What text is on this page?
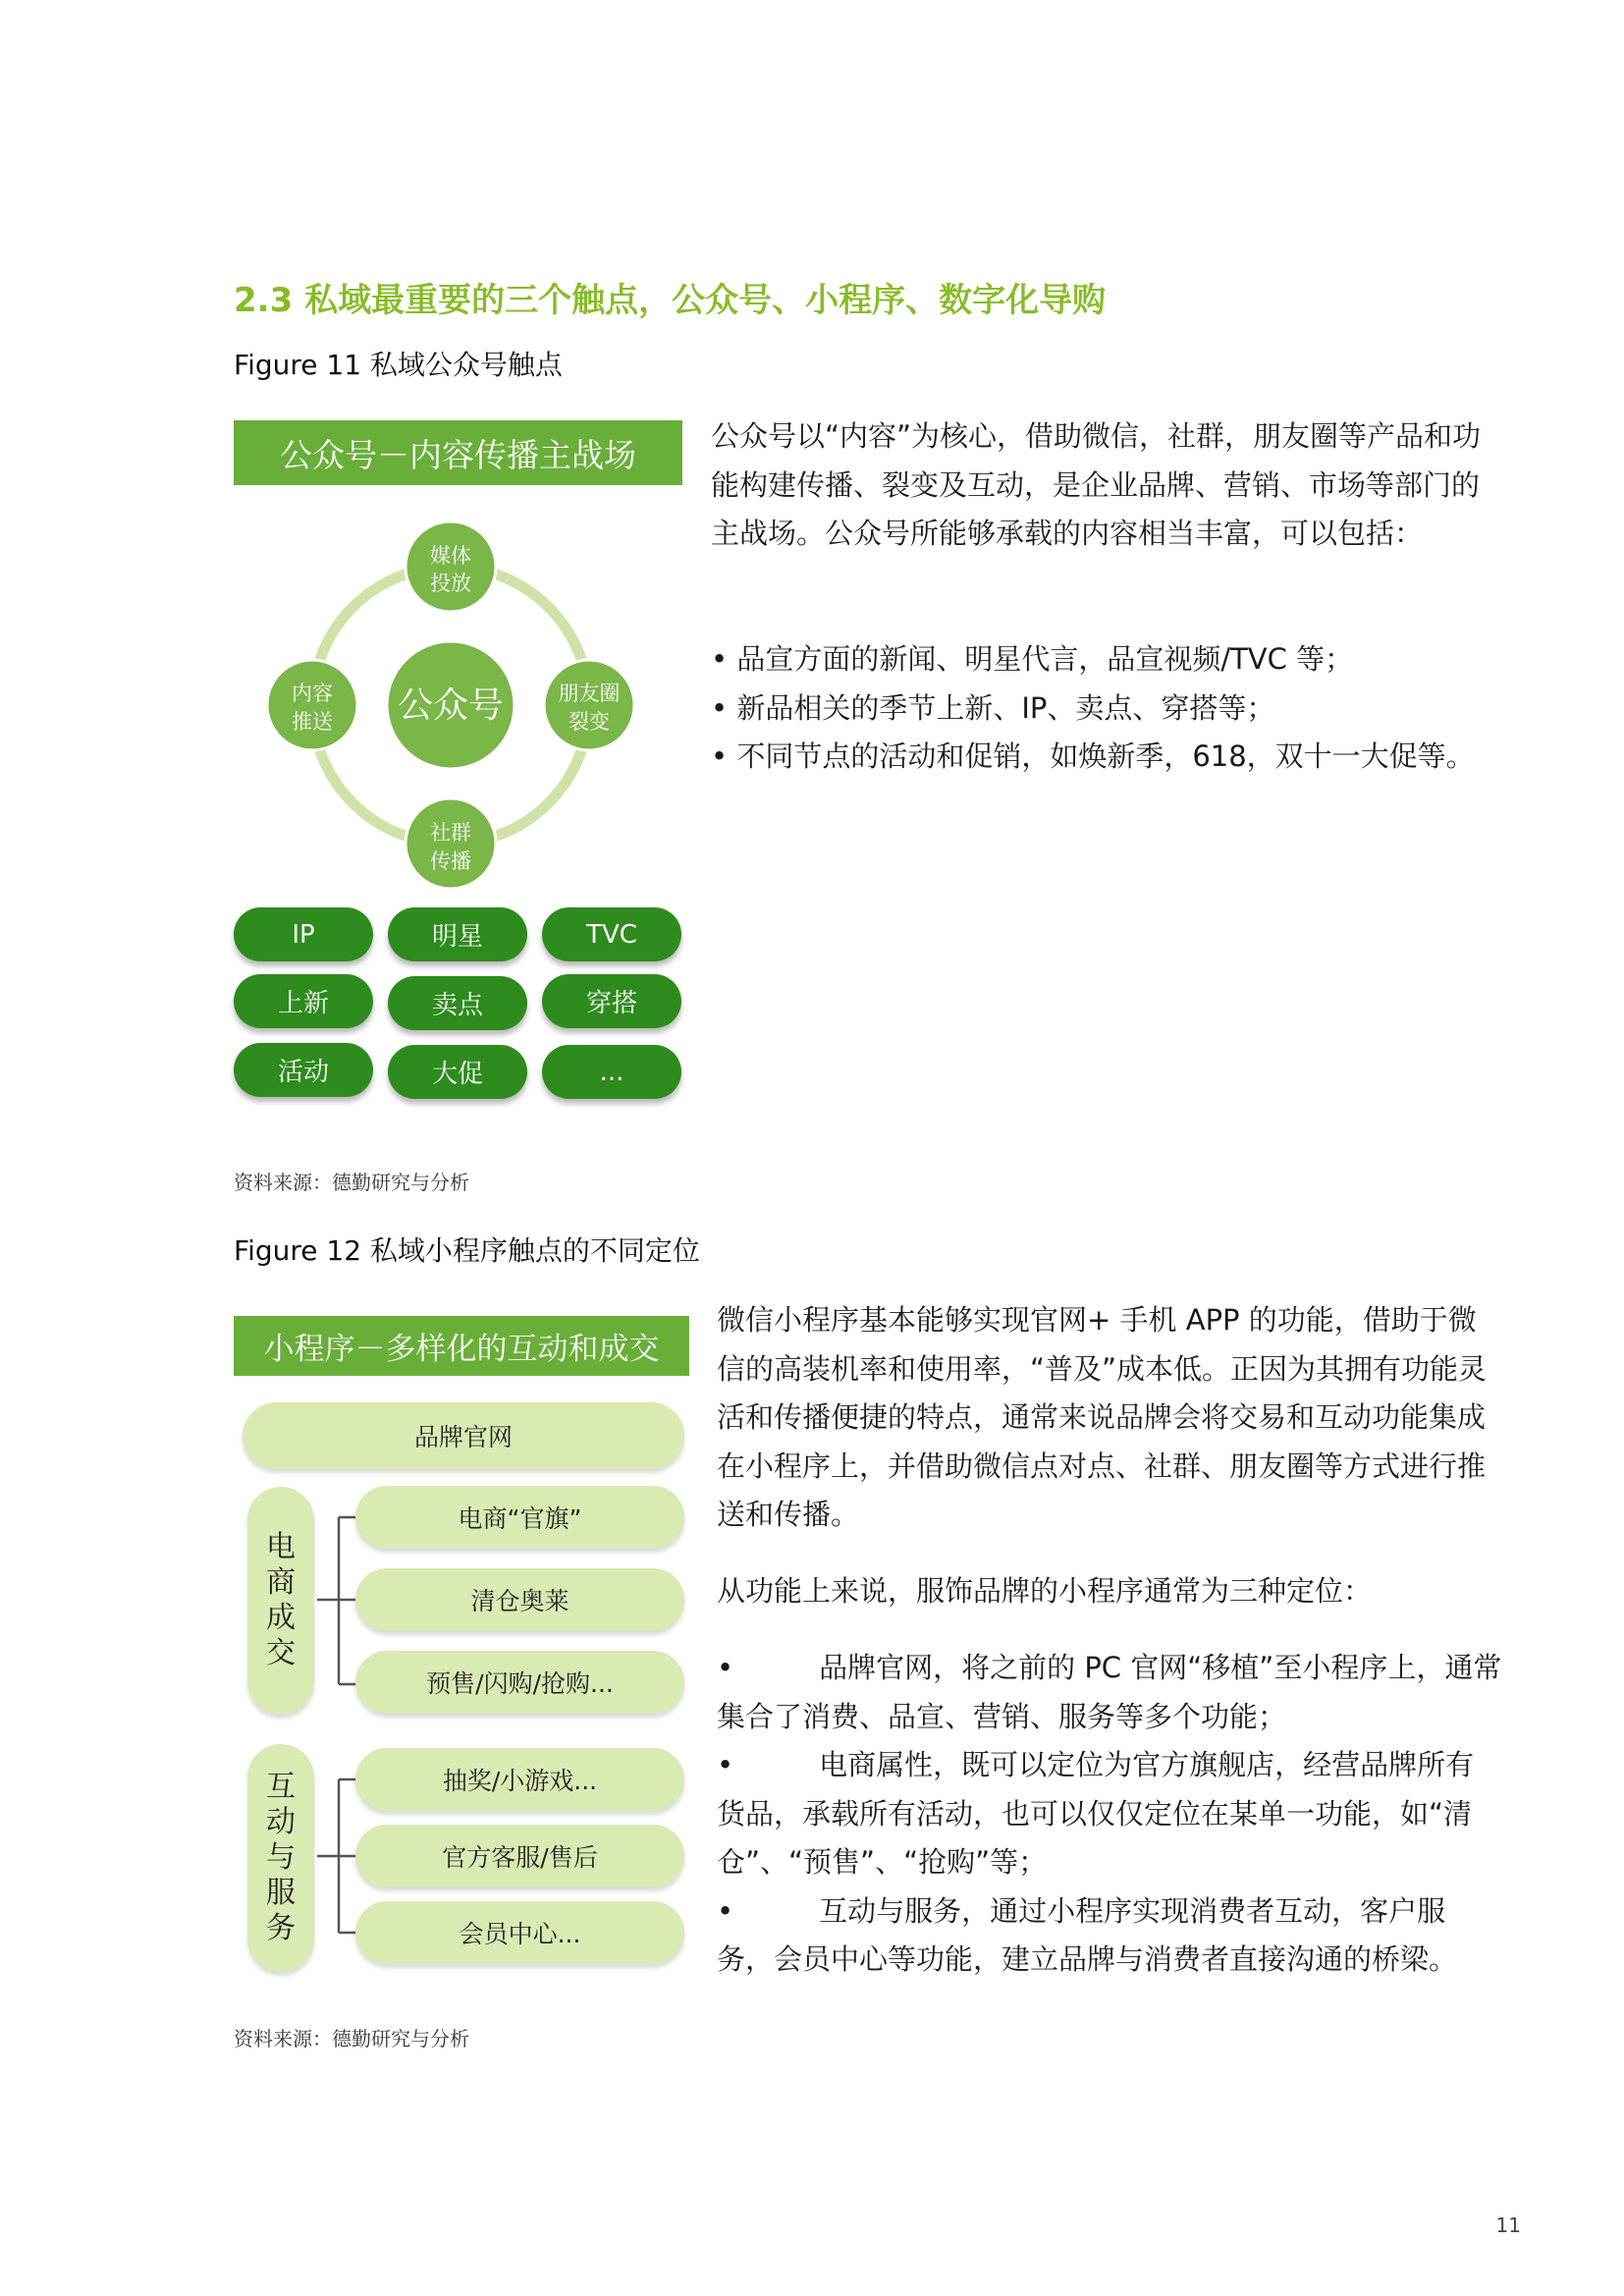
2.3 私域最重要的三个触点，公众号、小程序、数字化导购
Figure 11 私域公众号触点
公众号－内容传播主战场
公众号
媒体
投放
内容
推送
朋友圈
裂变
社群
传播
IP	明星	TVC
上新	卖点	穿搭
活动	大促	...
资料来源：德勤研究与分析

公众号以“内容”为核心，借助微信，社群，朋友圈等产品和功能构建传播、裂变及互动，是企业品牌、营销、市场等部门的主战场。公众号所能够承载的内容相当丰富，可以包括：

• 品宣方面的新闻、明星代言，品宣视频/TVC 等；
• 新品相关的季节上新、IP、卖点、穿搭等；
• 不同节点的活动和促销，如焕新季，618，双十一大促等。
Figure 12 私域小程序触点的不同定位
小程序－多样化的互动和成交
品牌官网
电
商
成
交
电商“官旗”
清仓奥莱
预售/闪购/抢购...
互
动
与
服
务
抽奖/小游戏...
官方客服/售后
会员中心...
资料来源：德勤研究与分析

微信小程序基本能够实现官网+ 手机 APP 的功能，借助于微信的高装机率和使用率，“普及”成本低。正因为其拥有功能灵活和传播便捷的特点，通常来说品牌会将交易和互动功能集成在小程序上，并借助微信点对点、社群、朋友圈等方式进行推送和传播。

从功能上来说，服饰品牌的小程序通常为三种定位：

•　　　品牌官网，将之前的 PC 官网“移植”至小程序上，通常集合了消费、品宣、营销、服务等多个功能；

•　　　电商属性，既可以定位为官方旗舰店，经营品牌所有货品，承载所有活动，也可以仅仅定位在某单一功能，如“清仓”、“预售”、“抢购”等；

•　　　互动与服务，通过小程序实现消费者互动，客户服务，会员中心等功能，建立品牌与消费者直接沟通的桥梁。

11
